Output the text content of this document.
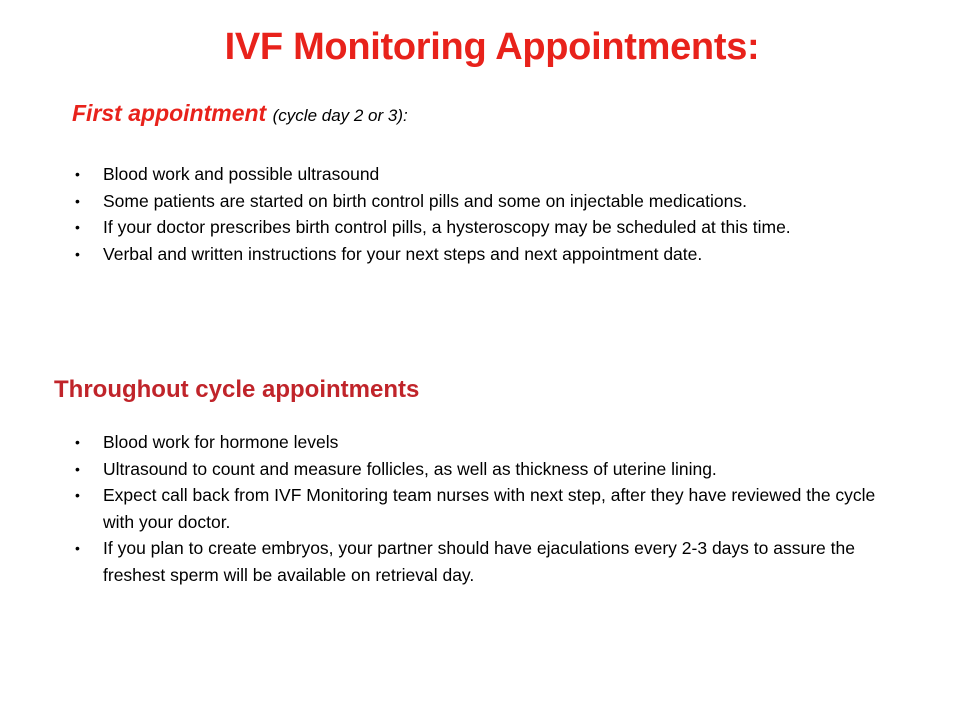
IVF Monitoring Appointments:
First appointment (cycle day 2 or 3):
• Blood work and possible ultrasound
• Some patients are started on birth control pills and some on injectable medications.
• If your doctor prescribes birth control pills, a hysteroscopy may be scheduled at this time.
• Verbal and written instructions for your next steps and next appointment date.
Throughout cycle appointments
• Blood work for hormone levels
• Ultrasound to count and measure follicles, as well as thickness of uterine lining.
• Expect call back from IVF Monitoring team nurses with next step, after they have reviewed the cycle with your doctor.
• If you plan to create embryos, your partner should have ejaculations every 2-3 days to assure the freshest sperm will be available on retrieval day.
